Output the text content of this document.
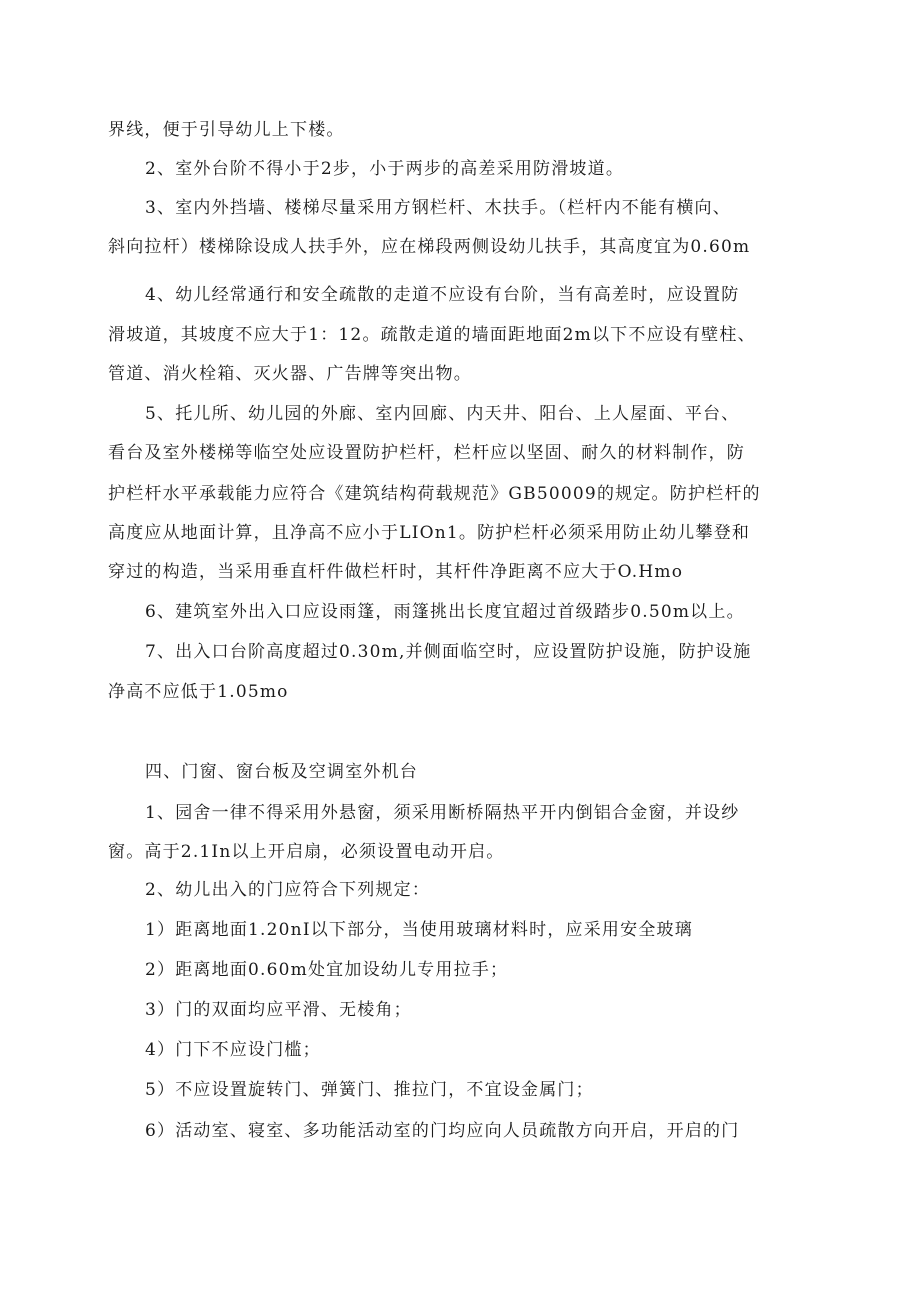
界线，便于引导幼儿上下楼。
2、室外台阶不得小于2步，小于两步的高差采用防滑坡道。
3、室内外挡墙、楼梯尽量采用方钢栏杆、木扶手。（栏杆内不能有横向、
斜向拉杆）楼梯除设成人扶手外，应在梯段两侧设幼儿扶手，其高度宜为0.60m
4、幼儿经常通行和安全疏散的走道不应设有台阶，当有高差时，应设置防
滑坡道，其坡度不应大于1：12。疏散走道的墙面距地面2m以下不应设有壁柱、
管道、消火栓箱、灭火器、广告牌等突出物。
5、托儿所、幼儿园的外廊、室内回廊、内天井、阳台、上人屋面、平台、
看台及室外楼梯等临空处应设置防护栏杆，栏杆应以坚固、耐久的材料制作，防
护栏杆水平承载能力应符合《建筑结构荷载规范》GB50009的规定。防护栏杆的
高度应从地面计算，且净高不应小于LIOn1。防护栏杆必须采用防止幼儿攀登和
穿过的构造，当采用垂直杆件做栏杆时，其杆件净距离不应大于O.Hmo
6、建筑室外出入口应设雨篷，雨篷挑出长度宜超过首级踏步0.50m以上。
7、出入口台阶高度超过0.30m,并侧面临空时，应设置防护设施，防护设施
净高不应低于1.05mo
四、门窗、窗台板及空调室外机台
1、园舍一律不得采用外悬窗，须采用断桥隔热平开内倒铝合金窗，并设纱
窗。高于2.1In以上开启扇，必须设置电动开启。
2、幼儿出入的门应符合下列规定：
1）距离地面1.20nI以下部分，当使用玻璃材料时，应采用安全玻璃
2）距离地面0.60m处宜加设幼儿专用拉手；
3）门的双面均应平滑、无棱角；
4）门下不应设门槛；
5）不应设置旋转门、弹簧门、推拉门，不宜设金属门；
6）活动室、寝室、多功能活动室的门均应向人员疏散方向开启，开启的门
